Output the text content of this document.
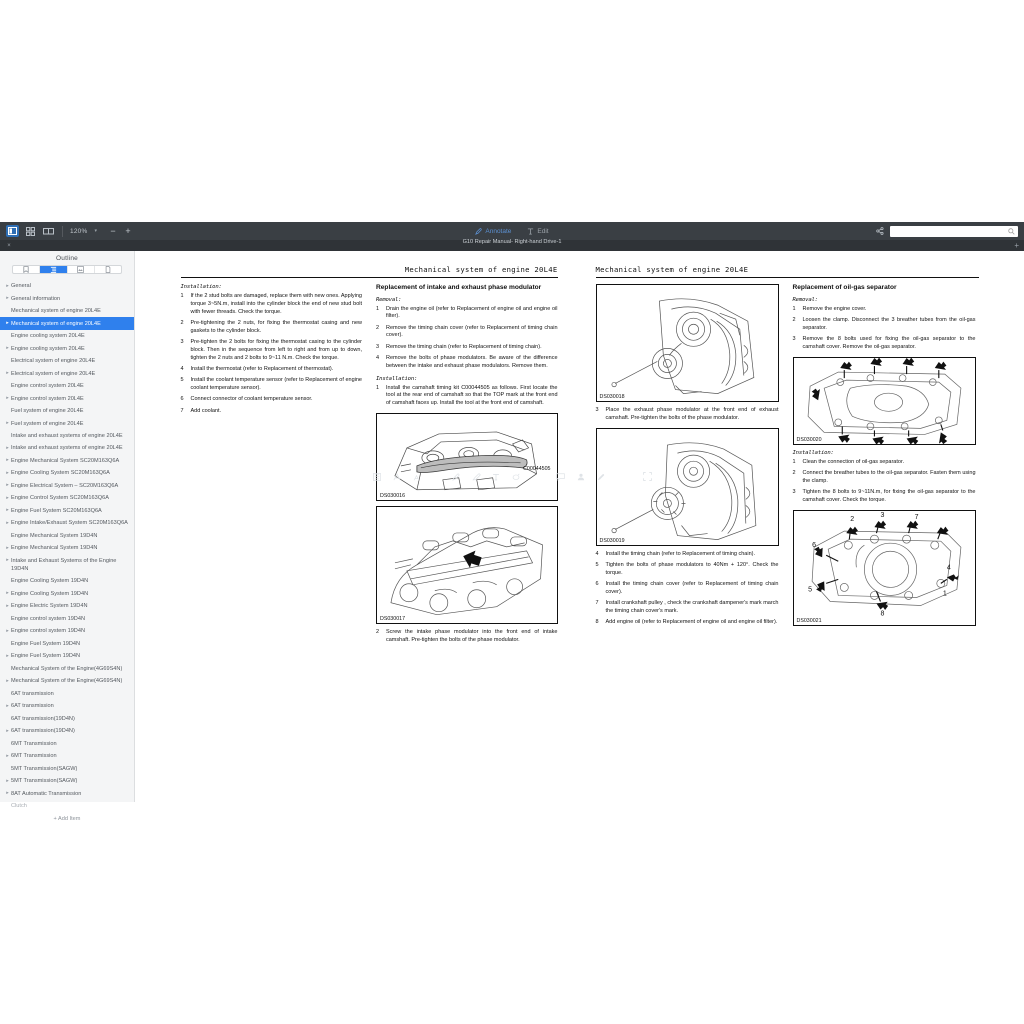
120% ▾ − +	Annotate	Edit
×	+
Outline
▸ General
▸ General information
Mechanical system of engine 20L4E
▸ Mechanical system of engine 20L4E
Engine cooling system 20L4E
▸ Engine cooling system 20L4E
Electrical system of engine 20L4E
▸ Electrical system of engine 20L4E
Engine control system 20L4E
▸ Engine control system 20L4E
Fuel system of engine 20L4E
▸ Fuel system of engine 20L4E
Intake and exhaust systems of engine 20L4E
▸ Intake and exhaust systems of engine 20L4E
▸ Engine Mechanical System SC20M163Q6A
▸ Engine Cooling System SC20M163Q6A
▸ Engine Electrical System – SC20M163Q6A
▸ Engine Control System SC20M163Q6A
▸ Engine Fuel System SC20M163Q6A
▸ Engine Intake/Exhaust System SC20M163Q6A
Engine Mechanical System 19D4N
▸ Engine Mechanical System 19D4N
▸ Intake and Exhaust Systems of the Engine 19D4N
Engine Cooling System 19D4N
▸ Engine Cooling System 19D4N
▸ Engine Electric System 19D4N
Engine control system 19D4N
▸ Engine control system 19D4N
Engine Fuel System 19D4N
▸ Engine Fuel System 19D4N
Mechanical System of the Engine(4G69S4N)
▸ Mechanical System of the Engine(4G69S4N)
6AT transmission
▸ 6AT transmission
6AT transmission(19D4N)
▸ 6AT transmission(19D4N)
6MT Transmission
▸ 6MT Transmission
5MT Transmission(SAGW)
▸ 5MT Transmission(SAGW)
▸ 8AT Automatic Transmission
Clutch
+ Add Item
Mechanical system of engine 20L4E
Installation:
1	If the 2 stud bolts are damaged, replace them with new ones. Applying torque 3~5N.m, install into the cylinder block the end of new stud bolt with fewer threads. Check the torque.
2	Pre-tightening the 2 nuts, for fixing the thermostat casing and new gaskets to the cylinder block.
3	Pre-tighten the 2 bolts for fixing the thermostat casing to the cylinder block. Then in the sequence from left to right and from up to down, tighten the 2 nuts and 2 bolts to 9~11 N.m. Check the torque.
4	Install the thermostat (refer to Replacement of thermostat).
5	Install the coolant temperature sensor (refer to Replacement of engine coolant temperature sensor).
6	Connect connector of coolant temperature sensor.
7	Add coolant.
Replacement of intake and exhaust phase modulator
Removal:
1	Drain the engine oil (refer to Replacement of engine oil and engine oil filter).
2	Remove the timing chain cover (refer to Replacement of timing chain cover).
3	Remove the timing chain (refer to Replacement of timing chain).
4	Remove the bolts of phase modulators. Be aware of the difference between the intake and exhaust phase modulators. Remove them.
Installation:
1	Install the camshaft timing kit C00044505 as follows. First locate the tool at the rear end of camshaft so that the TOP mark at the front end of camshaft faces up. Install the tool at the front end of camshaft.
C00044505
DS030016
DS030017
2	Screw the intake phase modulator into the front end of intake camshaft. Pre-tighten the bolts of the phase modulator.
Mechanical system of engine 20L4E
DS030018
3	Place the exhaust phase modulator at the front end of exhaust camshaft. Pre-tighten the bolts of the phase modulator.
DS030019
4	Install the timing chain (refer to Replacement of timing chain).
5	Tighten the bolts of phase modulators to 40Nm + 120°. Check the torque.
6	Install the timing chain cover (refer to Replacement of timing chain cover).
7	Install crankshaft pulley , check the crankshaft dampener's mark march the timing chain cover's mark.
8	Add engine oil (refer to Replacement of engine oil and engine oil filter).
Replacement of oil-gas separator
Removal:
1	Remove the engine cover.
2	Loosen the clamp. Disconnect the 3 breather tubes from the oil-gas separator.
3	Remove the 8 bolts used for fixing the oil-gas separator to the camshaft cover. Remove the oil-gas separator.
DS030020
Installation:
1	Clean the connection of oil-gas separator.
2	Connect the breather tubes to the oil-gas separator. Fasten them using the clamp.
3	Tighten the 8 bolts to 9~11N.m, for fixing the oil-gas separator to the camshaft cover. Check the torque.
2
3	7
6
5
8
4
1
DS030021
G10 Repair Manual- Right-hand Drive-1
